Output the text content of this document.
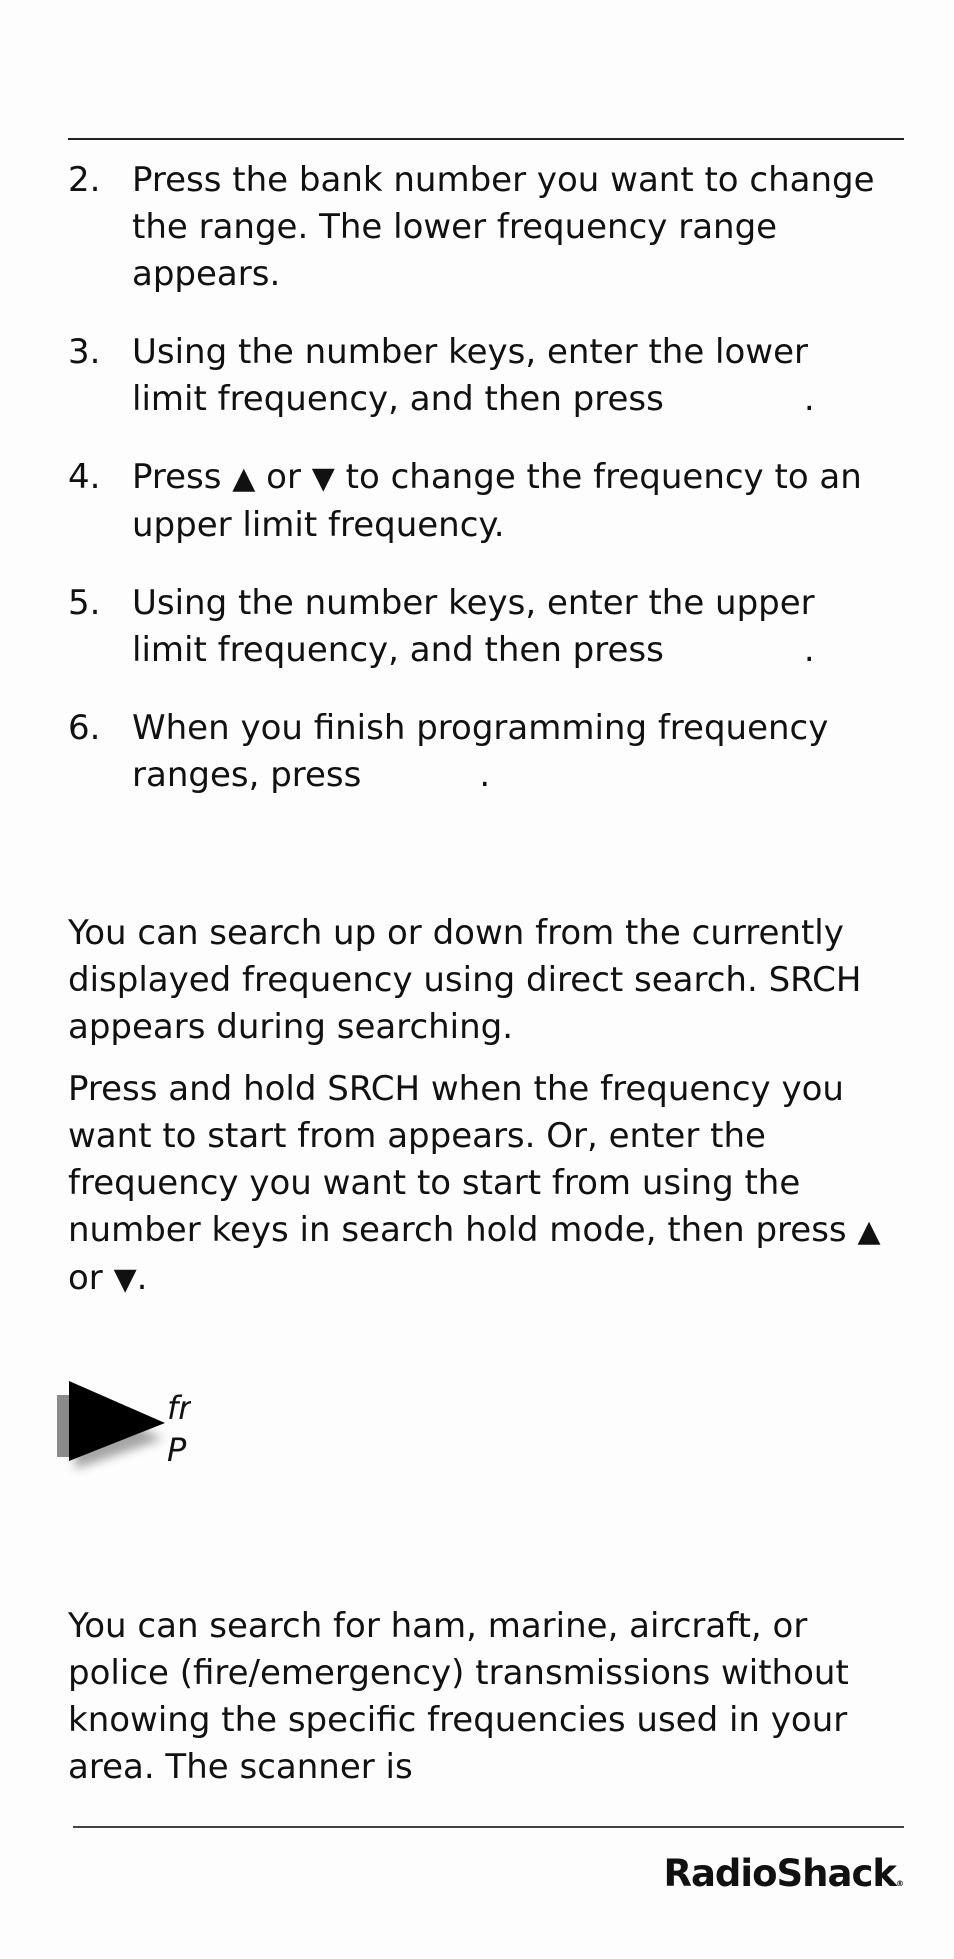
2. Press the bank number you want to change the range. The lower frequency range appears.
3. Using the number keys, enter the lower limit frequency, and then press	.
4. Press ▲ or ▼ to change the frequency to an upper limit frequency.
5. Using the number keys, enter the upper limit frequency, and then press	.
6. When you finish programming frequency ranges, press	.

You can search up or down from the currently displayed frequency using direct search. SRCH appears during searching.

Press and hold SRCH when the frequency you want to start from appears. Or, enter the frequency you want to start from using the number keys in search hold mode, then press ▲ or ▼.

fr
P

You can search for ham, marine, aircraft, or police (fire/emergency) transmissions without knowing the specific frequencies used in your area. The scanner is

RadioShack®
